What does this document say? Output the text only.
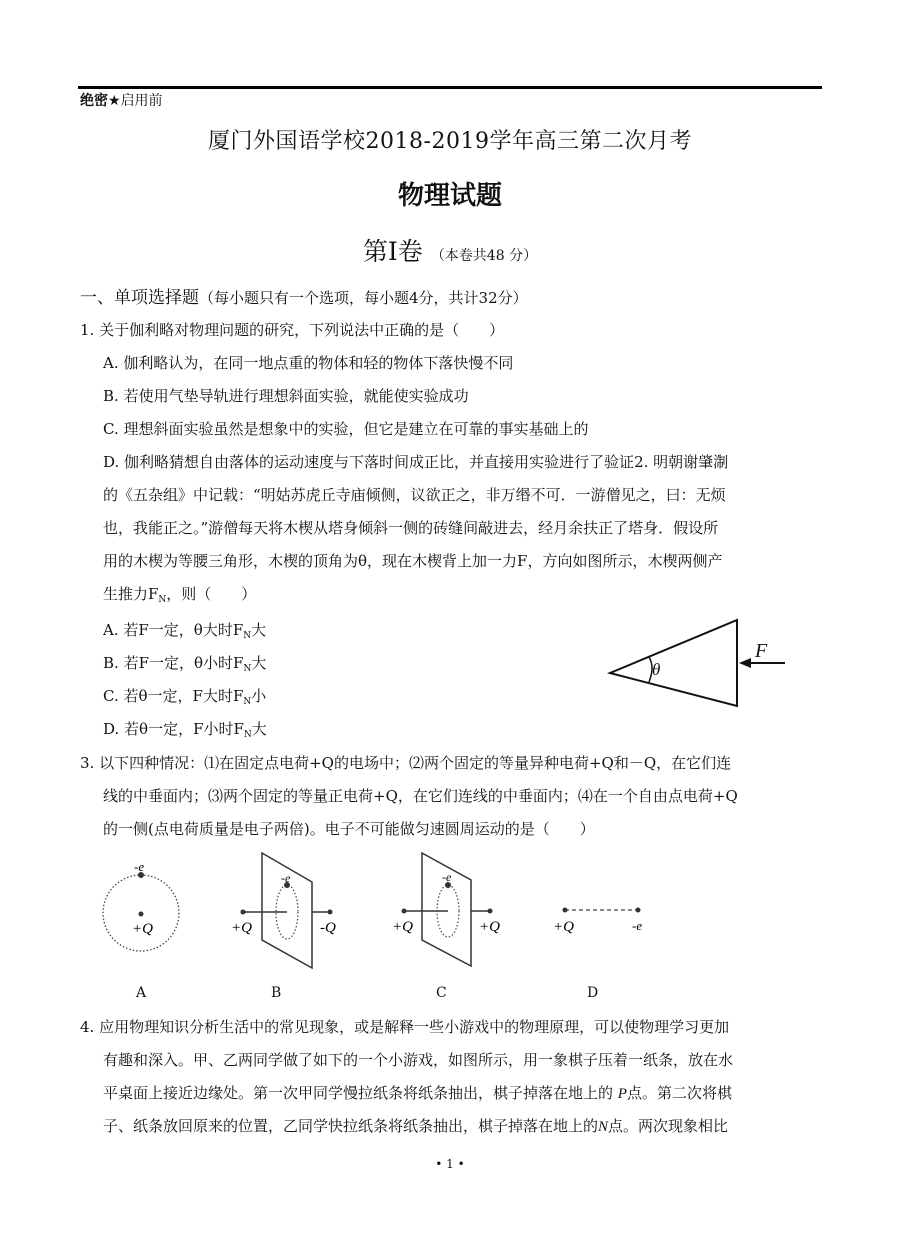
绝密★启用前
厦门外国语学校2018-2019学年高三第二次月考
物理试题
第Ⅰ卷 （本卷共48 分）
一、单项选择题（每小题只有一个选项，每小题4分，共计32分）
1. 关于伽利略对物理问题的研究，下列说法中正确的是（　　）
A. 伽利略认为，在同一地点重的物体和轻的物体下落快慢不同
B. 若使用气垫导轨进行理想斜面实验，就能使实验成功
C. 理想斜面实验虽然是想象中的实验，但它是建立在可靠的事实基础上的
D. 伽利略猜想自由落体的运动速度与下落时间成正比，并直接用实验进行了验证2. 明朝谢肇淛
的《五杂组》中记载：“明姑苏虎丘寺庙倾侧，议欲正之，非万缗不可．一游僧见之，曰：无烦
也，我能正之。”游僧每天将木楔从塔身倾斜一侧的砖缝间敲进去，经月余扶正了塔身．假设所
用的木楔为等腰三角形，木楔的顶角为θ，现在木楔背上加一力F，方向如图所示，木楔两侧产
生推力$F_N$，则（　　）
A. 若F一定，θ大时$F_N$大
B. 若F一定，θ小时$F_N$大
C. 若θ一定，F大时$F_N$小
D. 若θ一定，F小时$F_N$大
θ
F
3. 以下四种情况：⑴在固定点电荷+Q的电场中；⑵两个固定的等量异种电荷+Q和－Q，在它们连
线的中垂面内；⑶两个固定的等量正电荷+Q，在它们连线的中垂面内；⑷在一个自由点电荷+Q
的一侧(点电荷质量是电子两倍)。电子不可能做匀速圆周运动的是（　　）
-e
+Q
-e
+Q	-Q
-e
+Q	+Q	+Q	-e
A	B	C	D
4. 应用物理知识分析生活中的常见现象，或是解释一些小游戏中的物理原理，可以使物理学习更加
有趣和深入。甲、乙两同学做了如下的一个小游戏，如图所示，用一象棋子压着一纸条，放在水
平桌面上接近边缘处。第一次甲同学慢拉纸条将纸条抽出，棋子掉落在地上的 P点。第二次将棋
子、纸条放回原来的位置，乙同学快拉纸条将纸条抽出，棋子掉落在地上的N点。两次现象相比
• 1 •
